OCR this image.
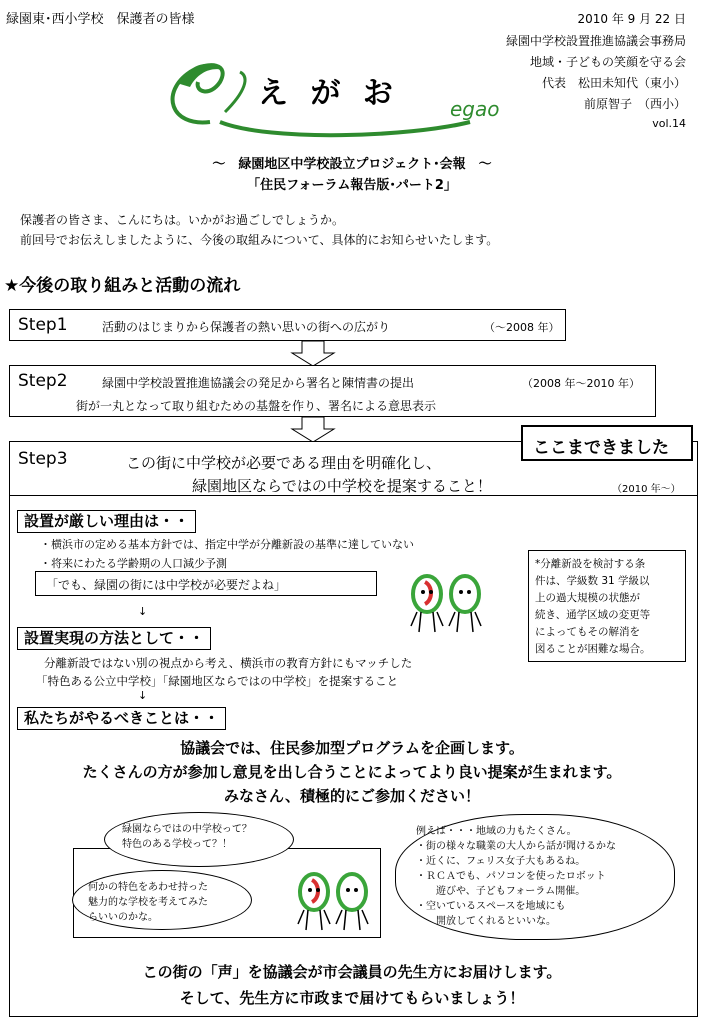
緑園東･西小学校　保護者の皆様	2010 年 9 月 22 日
緑園中学校設置推進協議会事務局
地域・子どもの笑顔を守る会
代表　松田未知代（東小）
前原智子　（西小）
vol.14
egao
え が お
～　緑園地区中学校設立プロジェクト･会報　～
「住民フォーラム報告版･パート2」
保護者の皆さま、こんにちは。いかがお過ごしでしょうか。
前回号でお伝えしましたように、今後の取組みについて、具体的にお知らせいたします。
★今後の取り組みと活動の流れ
Step1	活動のはじまりから保護者の熱い思いの街への広がり	（～2008 年）
Step2	緑園中学校設置推進協議会の発足から署名と陳情書の提出	（2008 年～2010 年）
街が一丸となって取り組むための基盤を作り、署名による意思表示
Step3	この街に中学校が必要である理由を明確化し、
緑園地区ならではの中学校を提案すること！	（2010 年～）
ここまできました
設置が厳しい理由は・・
・横浜市の定める基本方針では、指定中学が分離新設の基準に達していない
・将来にわたる学齢期の人口減少予測
「でも、緑園の街には中学校が必要だよね」
*分離新設を検討する条
件は、学級数 31 学級以
上の過大規模の状態が
続き、通学区域の変更等
によってもその解消を
図ることが困難な場合。
↓
設置実現の方法として・・
分離新設ではない別の視点から考え、横浜市の教育方針にもマッチした
「特色ある公立中学校」「緑園地区ならではの中学校」を提案すること
↓
私たちがやるべきことは・・
協議会では、住民参加型プログラムを企画します。
たくさんの方が参加し意見を出し合うことによってより良い提案が生まれます。
みなさん、積極的にご参加ください！
緑園ならではの中学校って？
特色のある学校って？！
何かの特色をあわせ持った
魅力的な学校を考えてみた
らいいのかな。
例えば・・・地域の力もたくさん。
・街の様々な職業の大人から話が聞けるかな
・近くに、フェリス女子大もあるね。
・ＲＣＡでも、パソコンを使ったロボット
　　遊びや、子どもフォーラム開催。
・空いているスペースを地域にも
　　開放してくれるといいな。
この街の「声」を協議会が市会議員の先生方にお届けします。
そして、先生方に市政まで届けてもらいましょう！
